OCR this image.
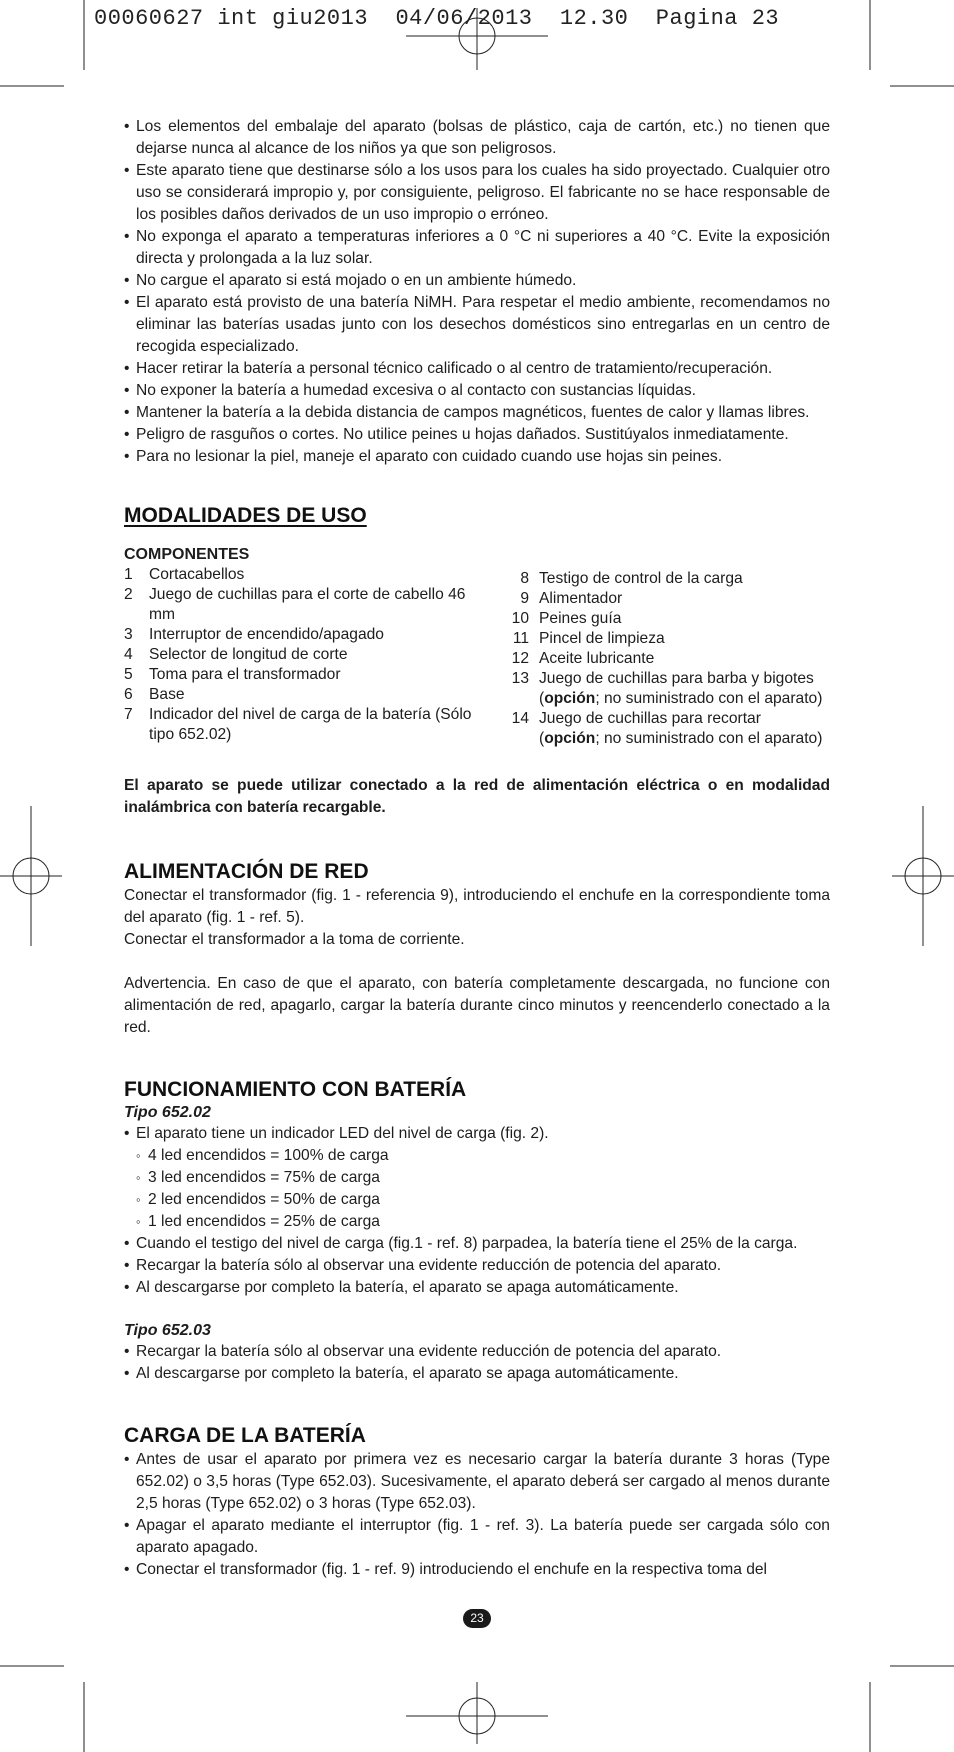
00060627 int giu2013  04/06/2013  12.30  Pagina 23
• Los elementos del embalaje del aparato (bolsas de plástico, caja de cartón, etc.) no tienen que dejarse nunca al alcance de los niños ya que son peligrosos.
• Este aparato tiene que destinarse sólo a los usos para los cuales ha sido proyectado. Cualquier otro uso se considerará impropio y, por consiguiente, peligroso. El fabricante no se hace responsable de los posibles daños derivados de un uso impropio o erróneo.
• No exponga el aparato a temperaturas inferiores a 0 °C ni superiores a 40 °C. Evite la exposición directa y prolongada a la luz solar.
• No cargue el aparato si está mojado o en un ambiente húmedo.
• El aparato está provisto de una batería NiMH. Para respetar el medio ambiente, recomendamos no eliminar las baterías usadas junto con los desechos domésticos sino entregarlas en un centro de recogida especializado.
• Hacer retirar la batería a personal técnico calificado o al centro de tratamiento/recuperación.
• No exponer la batería a humedad excesiva o al contacto con sustancias líquidas.
• Mantener la batería a la debida distancia de campos magnéticos, fuentes de calor y llamas libres.
• Peligro de rasguños o cortes. No utilice peines u hojas dañados. Sustitúyalos inmediatamente.
• Para no lesionar la piel, maneje el aparato con cuidado cuando use hojas sin peines.
MODALIDADES DE USO
COMPONENTES
1	Cortacabellos
2	Juego de cuchillas para el corte de cabello 46 mm
3	Interruptor de encendido/apagado
4	Selector de longitud de corte
5	Toma para el transformador
6	Base
7	Indicador del nivel de carga de la batería (Sólo tipo 652.02)
8 Testigo de control de la carga
9 Alimentador
10 Peines guía
11 Pincel de limpieza
12 Aceite lubricante
13 Juego de cuchillas para barba y bigotes
(opción; no suministrado con el aparato)
14 Juego de cuchillas para recortar
(opción; no suministrado con el aparato)

El aparato se puede utilizar conectado a la red de alimentación eléctrica o en modalidad inalámbrica con batería recargable.

ALIMENTACIÓN DE RED

Conectar el transformador (fig. 1 - referencia 9), introduciendo el enchufe en la correspondiente toma del aparato (fig. 1 - ref. 5).

Conectar el transformador a la toma de corriente.

Advertencia. En caso de que el aparato, con batería completamente descargada, no funcione con alimentación de red, apagarlo, cargar la batería durante cinco minutos y reencenderlo conectado a la red.

FUNCIONAMIENTO CON BATERÍA
Tipo 652.02
• El aparato tiene un indicador LED del nivel de carga (fig. 2).
◦ 4 led encendidos = 100% de carga
◦ 3 led encendidos = 75% de carga
◦ 2 led encendidos = 50% de carga
◦ 1 led encendidos = 25% de carga
• Cuando el testigo del nivel de carga (fig.1 - ref. 8) parpadea, la batería tiene el 25% de la carga.
• Recargar la batería sólo al observar una evidente reducción de potencia del aparato.
• Al descargarse por completo la batería, el aparato se apaga automáticamente.
Tipo 652.03
• Recargar la batería sólo al observar una evidente reducción de potencia del aparato.
• Al descargarse por completo la batería, el aparato se apaga automáticamente.
CARGA DE LA BATERÍA
• Antes de usar el aparato por primera vez es necesario cargar la batería durante 3 horas (Type 652.02) o 3,5 horas (Type 652.03). Sucesivamente, el aparato deberá ser cargado al menos durante 2,5 horas (Type 652.02) o 3 horas (Type 652.03).
• Apagar el aparato mediante el interruptor (fig. 1 - ref. 3). La batería puede ser cargada sólo con aparato apagado.
• Conectar el transformador (fig. 1 - ref. 9) introduciendo el enchufe en la respectiva toma del
23
